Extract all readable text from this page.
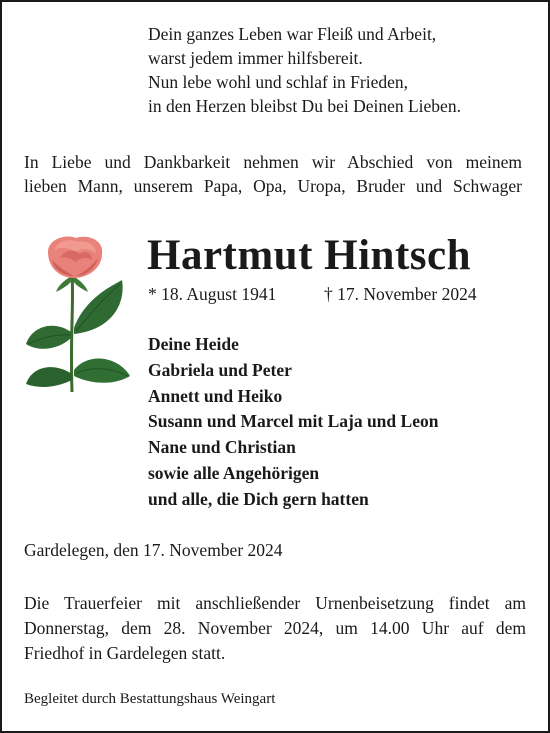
Dein ganzes Leben war Fleiß und Arbeit,
warst jedem immer hilfsbereit.
Nun lebe wohl und schlaf in Frieden,
in den Herzen bleibst Du bei Deinen Lieben.
In Liebe und Dankbarkeit nehmen wir Abschied von meinem
lieben Mann, unserem Papa, Opa, Uropa, Bruder und Schwager
Hartmut Hintsch
* 18. August 1941	† 17. November 2024
Deine Heide
Gabriela und Peter
Annett und Heiko
Susann und Marcel mit Laja und Leon
Nane und Christian
sowie alle Angehörigen
und alle, die Dich gern hatten
Gardelegen, den 17. November 2024
Die Trauerfeier mit anschließender Urnenbeisetzung findet am
Donnerstag, dem 28. November 2024, um 14.00 Uhr auf dem
Friedhof in Gardelegen statt.
Begleitet durch Bestattungshaus Weingart
